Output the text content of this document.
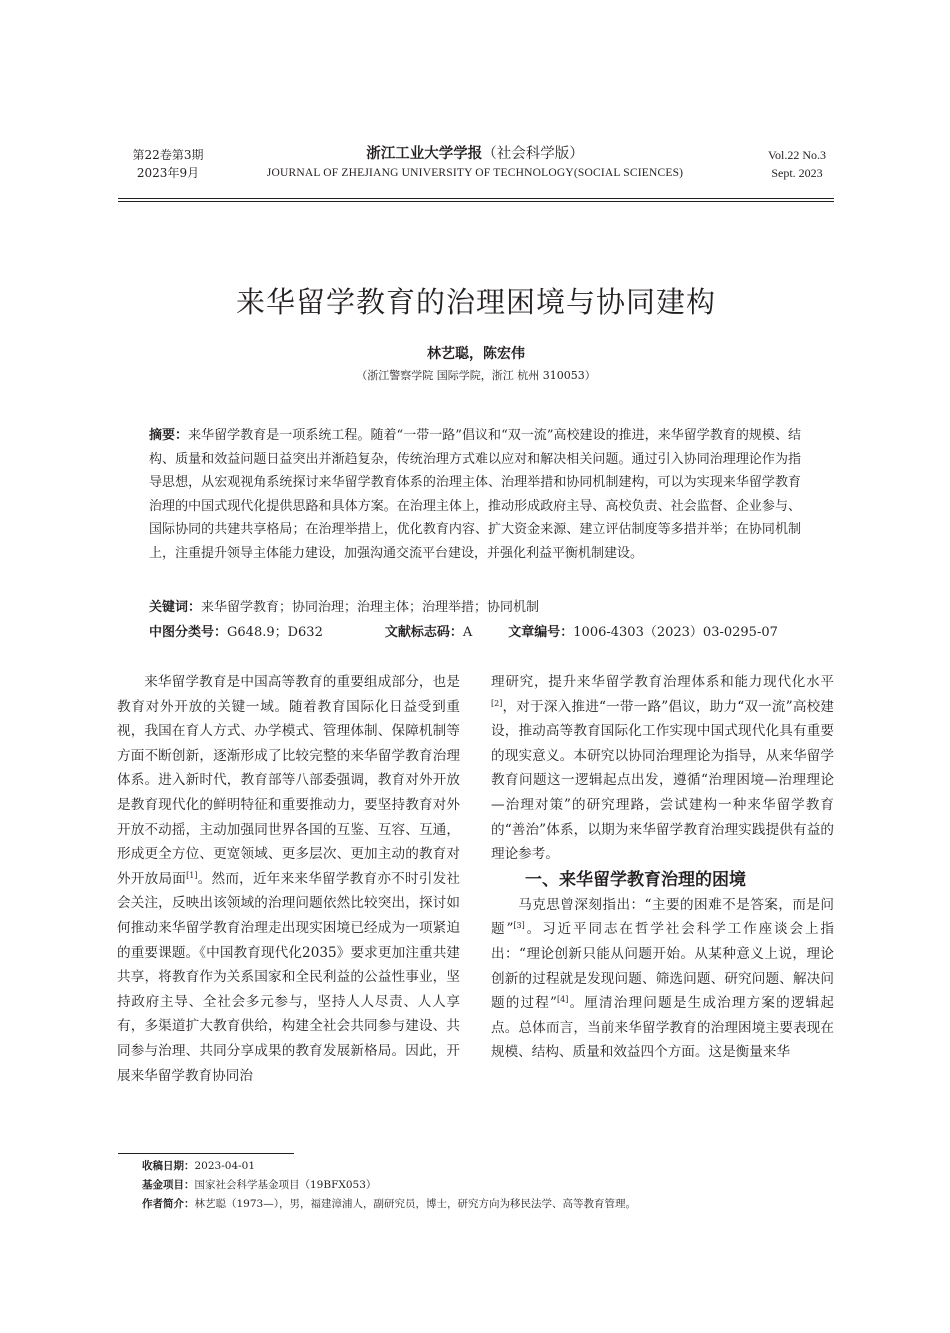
第22卷第3期
2023年9月
浙江工业大学学报（社会科学版）
JOURNAL OF ZHEJIANG UNIVERSITY OF TECHNOLOGY(SOCIAL SCIENCES)
Vol.22 No.3
Sept. 2023
来华留学教育的治理困境与协同建构
林艺聪，陈宏伟
（浙江警察学院 国际学院，浙江 杭州 310053）
摘要：来华留学教育是一项系统工程。随着“一带一路”倡议和“双一流”高校建设的推进，来华留学教育的规模、结构、质量和效益问题日益突出并渐趋复杂，传统治理方式难以应对和解决相关问题。通过引入协同治理理论作为指导思想，从宏观视角系统探讨来华留学教育体系的治理主体、治理举措和协同机制建构，可以为实现来华留学教育治理的中国式现代化提供思路和具体方案。在治理主体上，推动形成政府主导、高校负责、社会监督、企业参与、国际协同的共建共享格局；在治理举措上，优化教育内容、扩大资金来源、建立评估制度等多措并举；在协同机制上，注重提升领导主体能力建设，加强沟通交流平台建设，并强化利益平衡机制建设。
关键词：来华留学教育；协同治理；治理主体；治理举措；协同机制
中图分类号：G648.9；D632	文献标志码：A	文章编号：1006-4303（2023）03-0295-07

来华留学教育是中国高等教育的重要组成部分，也是教育对外开放的关键一域。随着教育国际化日益受到重视，我国在育人方式、办学模式、管理体制、保障机制等方面不断创新，逐渐形成了比较完整的来华留学教育治理体系。进入新时代，教育部等八部委强调，教育对外开放是教育现代化的鲜明特征和重要推动力，要坚持教育对外开放不动摇，主动加强同世界各国的互鉴、互容、互通，形成更全方位、更宽领域、更多层次、更加主动的教育对外开放局面[1]。然而，近年来来华留学教育亦不时引发社会关注，反映出该领域的治理问题依然比较突出，探讨如何推动来华留学教育治理走出现实困境已经成为一项紧迫的重要课题。《中国教育现代化2035》要求更加注重共建共享，将教育作为关系国家和全民利益的公益性事业，坚持政府主导、全社会多元参与，坚持人人尽责、人人享有，多渠道扩大教育供给，构建全社会共同参与建设、共同参与治理、共同分享成果的教育发展新格局。因此，开展来华留学教育协同治

理研究，提升来华留学教育治理体系和能力现代化水平[2]，对于深入推进“一带一路”倡议，助力“双一流”高校建设，推动高等教育国际化工作实现中国式现代化具有重要的现实意义。本研究以协同治理理论为指导，从来华留学教育问题这一逻辑起点出发，遵循“治理困境—治理理论—治理对策”的研究理路，尝试建构一种来华留学教育的“善治”体系，以期为来华留学教育治理实践提供有益的理论参考。

一、来华留学教育治理的困境

马克思曾深刻指出：“主要的困难不是答案，而是问题”[3]。习近平同志在哲学社会科学工作座谈会上指出：“理论创新只能从问题开始。从某种意义上说，理论创新的过程就是发现问题、筛选问题、研究问题、解决问题的过程”[4]。厘清治理问题是生成治理方案的逻辑起点。总体而言，当前来华留学教育的治理困境主要表现在规模、结构、质量和效益四个方面。这是衡量来华

收稿日期：2023-04-01
基金项目：国家社会科学基金项目（19BFX053）
作者简介：林艺聪（1973—），男，福建漳浦人，副研究员，博士，研究方向为移民法学、高等教育管理。
